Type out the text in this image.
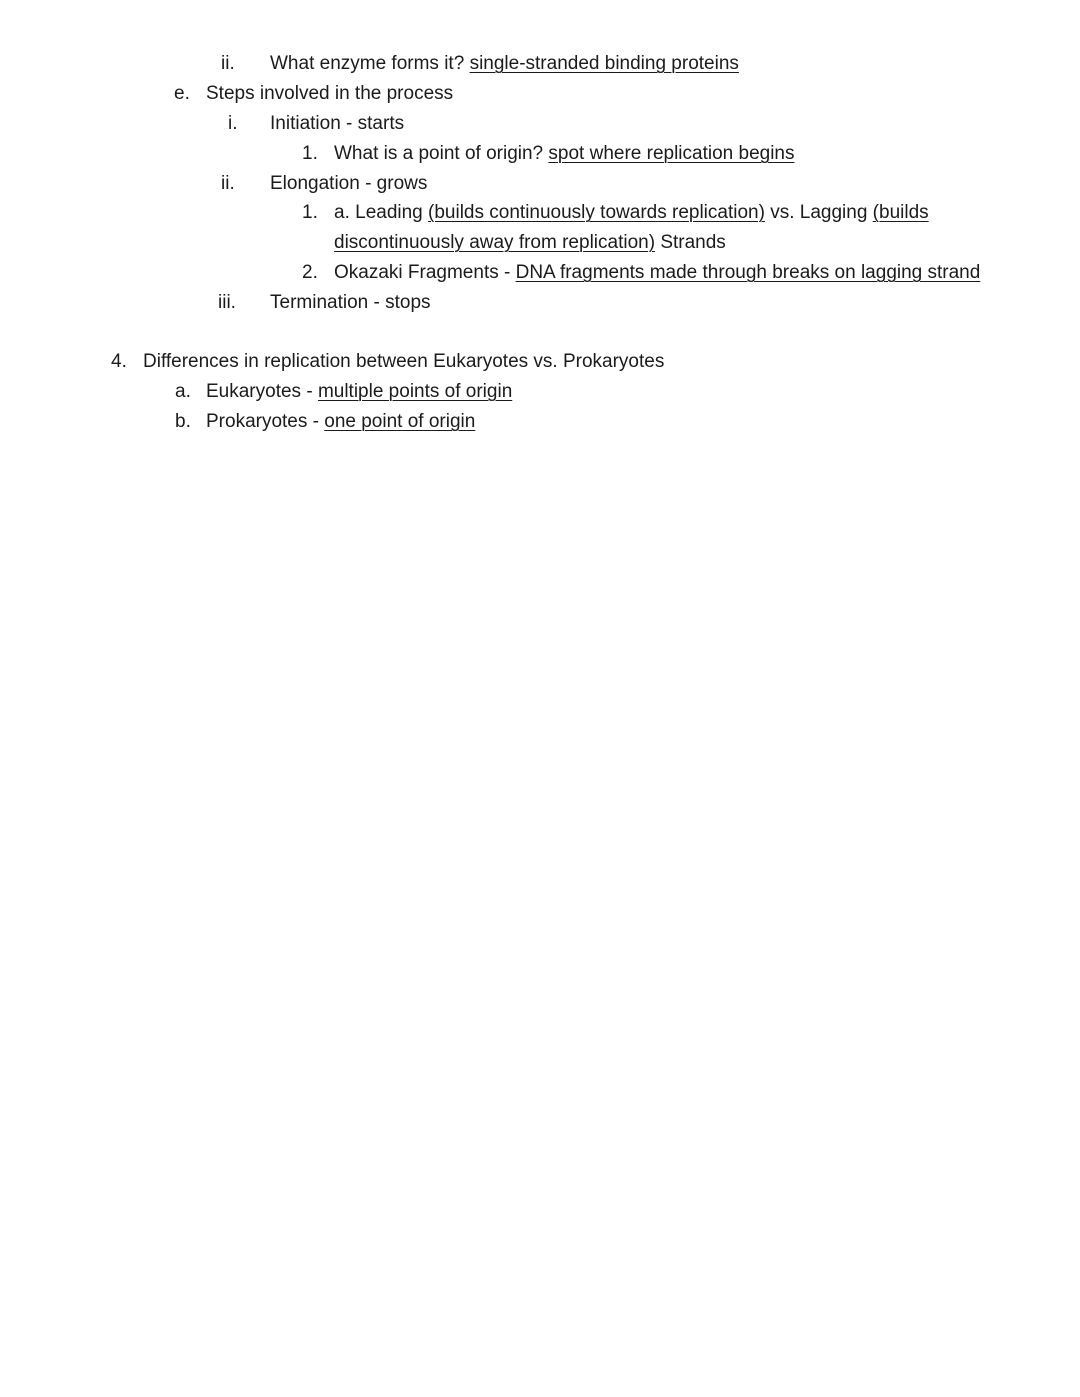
ii. What enzyme forms it? single-stranded binding proteins
e. Steps involved in the process
i. Initiation - starts
1. What is a point of origin? spot where replication begins
ii. Elongation - grows
1. a. Leading (builds continuously towards replication) vs. Lagging (builds
discontinuously away from replication) Strands
2. Okazaki Fragments - DNA fragments made through breaks on lagging strand
iii. Termination - stops
4. Differences in replication between Eukaryotes vs. Prokaryotes
a. Eukaryotes - multiple points of origin
b. Prokaryotes - one point of origin
